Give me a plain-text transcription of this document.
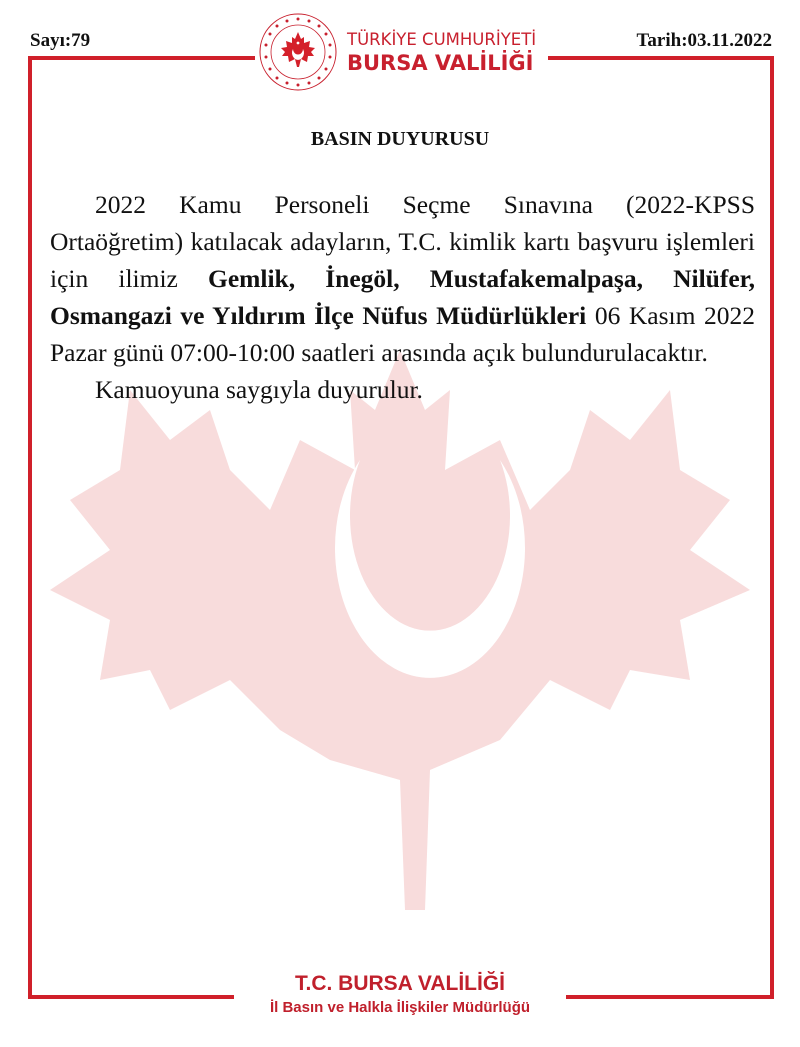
Sayı:79	Tarih:03.11.2022
TÜRKİYE CUMHURİYETİ
BURSA VALİLİĞİ
BASIN DUYURUSU

2022 Kamu Personeli Seçme Sınavına (2022-KPSS Ortaöğretim) katılacak adayların, T.C. kimlik kartı başvuru işlemleri için ilimiz Gemlik, İnegöl, Mustafakemalpaşa, Nilüfer, Osmangazi ve Yıldırım İlçe Nüfus Müdürlükleri 06 Kasım 2022 Pazar günü 07:00-10:00 saatleri arasında açık bulundurulacaktır.

Kamuoyuna saygıyla duyurulur.

T.C. BURSA VALİLİĞİ
İl Basın ve Halkla İlişkiler Müdürlüğü
